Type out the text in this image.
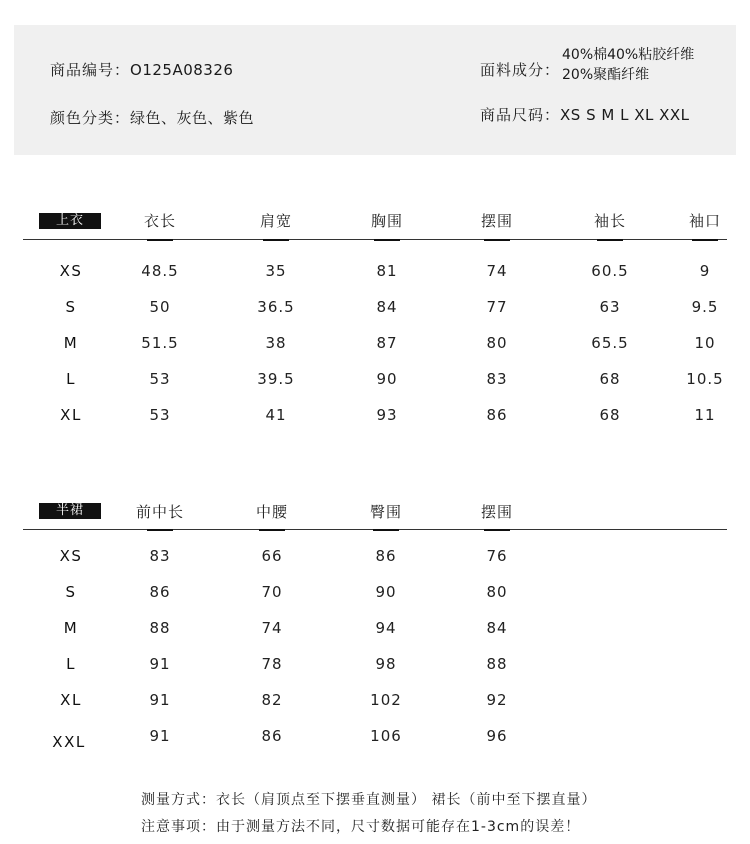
商品编号：O125A08326
颜色分类：绿色、灰色、紫色
面料成分：
40%棉40%粘胶纤维
20%聚酯纤维
商品尺码：XS S M L XL XXL
上衣	衣长	肩宽	胸围	摆围	袖长	袖口
XS	48.5	35	81	74	60.5	9
S	50	36.5	84	77	63	9.5
M	51.5	38	87	80	65.5	10
L	53	39.5	90	83	68	10.5
XL	53	41	93	86	68	11
半裙	前中长	中腰	臀围	摆围
XS	83	66	86	76
S	86	70	90	80
M	88	74	94	84
L	91	78	98	88
XL	91	82	102	92
XXL	91	86	106	96
测量方式：衣长（肩顶点至下摆垂直测量） 裙长（前中至下摆直量）
注意事项：由于测量方法不同，尺寸数据可能存在1-3cm的误差！
